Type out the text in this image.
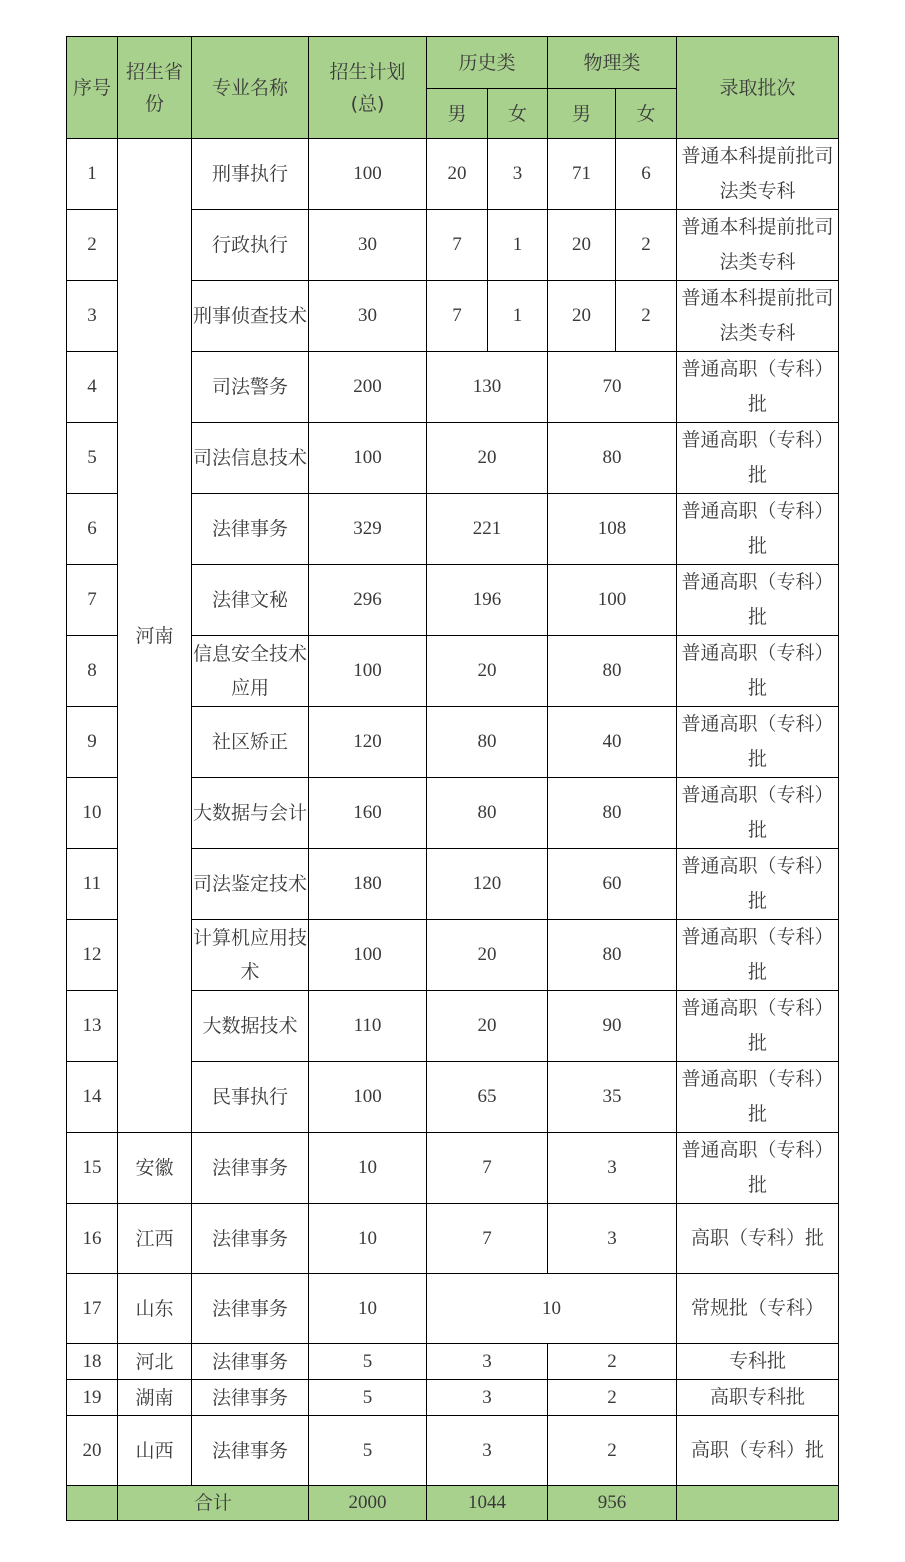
序号	招生省份	专业名称	招生计划
(总)	历史类		物理类		录取批次
				男	女	男	女	
1	河南	刑事执行	100	20	3	71	6	普通本科提前批司法类专科
2		行政执行	30	7	1	20	2	普通本科提前批司法类专科
3		刑事侦查技术	30	7	1	20	2	普通本科提前批司法类专科
4		司法警务	200	130		70		普通高职（专科）批
5		司法信息技术	100	20		80		普通高职（专科）批
6		法律事务	329	221		108		普通高职（专科）批
7		法律文秘	296	196		100		普通高职（专科）批
8		信息安全技术应用	100	20		80		普通高职（专科）批
9		社区矫正	120	80		40		普通高职（专科）批
10		大数据与会计	160	80		80		普通高职（专科）批
11		司法鉴定技术	180	120		60		普通高职（专科）批
12		计算机应用技术	100	20		80		普通高职（专科）批
13		大数据技术	110	20		90		普通高职（专科）批
14		民事执行	100	65		35		普通高职（专科）批
15	安徽	法律事务	10	7		3		普通高职（专科）批
16	江西	法律事务	10	7		3		高职（专科）批
17	山东	法律事务	10	10				常规批（专科）
18	河北	法律事务	5	3		2		专科批
19	湖南	法律事务	5	3		2		高职专科批
20	山西	法律事务	5	3		2		高职（专科）批
	合计		2000	1044		956		
